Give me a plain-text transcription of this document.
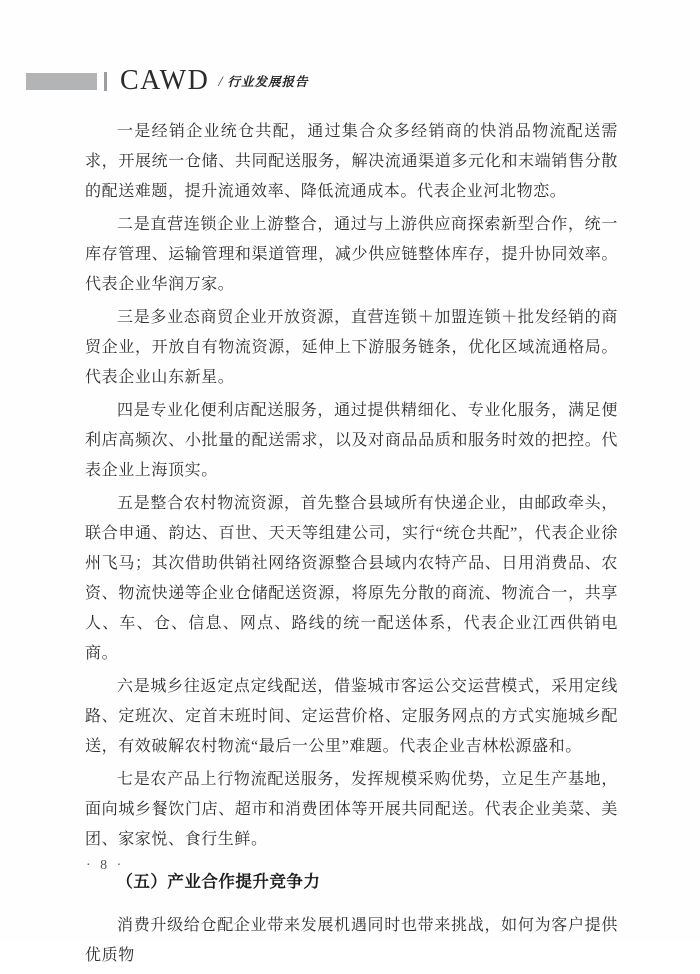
CAWD / 行业发展报告

一是经销企业统仓共配，通过集合众多经销商的快消品物流配送需求，开展统一仓储、共同配送服务，解决流通渠道多元化和末端销售分散的配送难题，提升流通效率、降低流通成本。代表企业河北物恋。

二是直营连锁企业上游整合，通过与上游供应商探索新型合作，统一库存管理、运输管理和渠道管理，减少供应链整体库存，提升协同效率。代表企业华润万家。

三是多业态商贸企业开放资源，直营连锁＋加盟连锁＋批发经销的商贸企业，开放自有物流资源，延伸上下游服务链条，优化区域流通格局。代表企业山东新星。

四是专业化便利店配送服务，通过提供精细化、专业化服务，满足便利店高频次、小批量的配送需求，以及对商品品质和服务时效的把控。代表企业上海顶实。

五是整合农村物流资源，首先整合县域所有快递企业，由邮政牵头，联合申通、韵达、百世、天天等组建公司，实行“统仓共配”，代表企业徐州飞马；其次借助供销社网络资源整合县域内农特产品、日用消费品、农资、物流快递等企业仓储配送资源，将原先分散的商流、物流合一，共享人、车、仓、信息、网点、路线的统一配送体系，代表企业江西供销电商。

六是城乡往返定点定线配送，借鉴城市客运公交运营模式，采用定线路、定班次、定首末班时间、定运营价格、定服务网点的方式实施城乡配送，有效破解农村物流“最后一公里”难题。代表企业吉林松源盛和。

七是农产品上行物流配送服务，发挥规模采购优势，立足生产基地，面向城乡餐饮门店、超市和消费团体等开展共同配送。代表企业美菜、美团、家家悦、食行生鲜。

（五）产业合作提升竞争力

消费升级给仓配企业带来发展机遇同时也带来挑战，如何为客户提供优质物

· 8 ·
